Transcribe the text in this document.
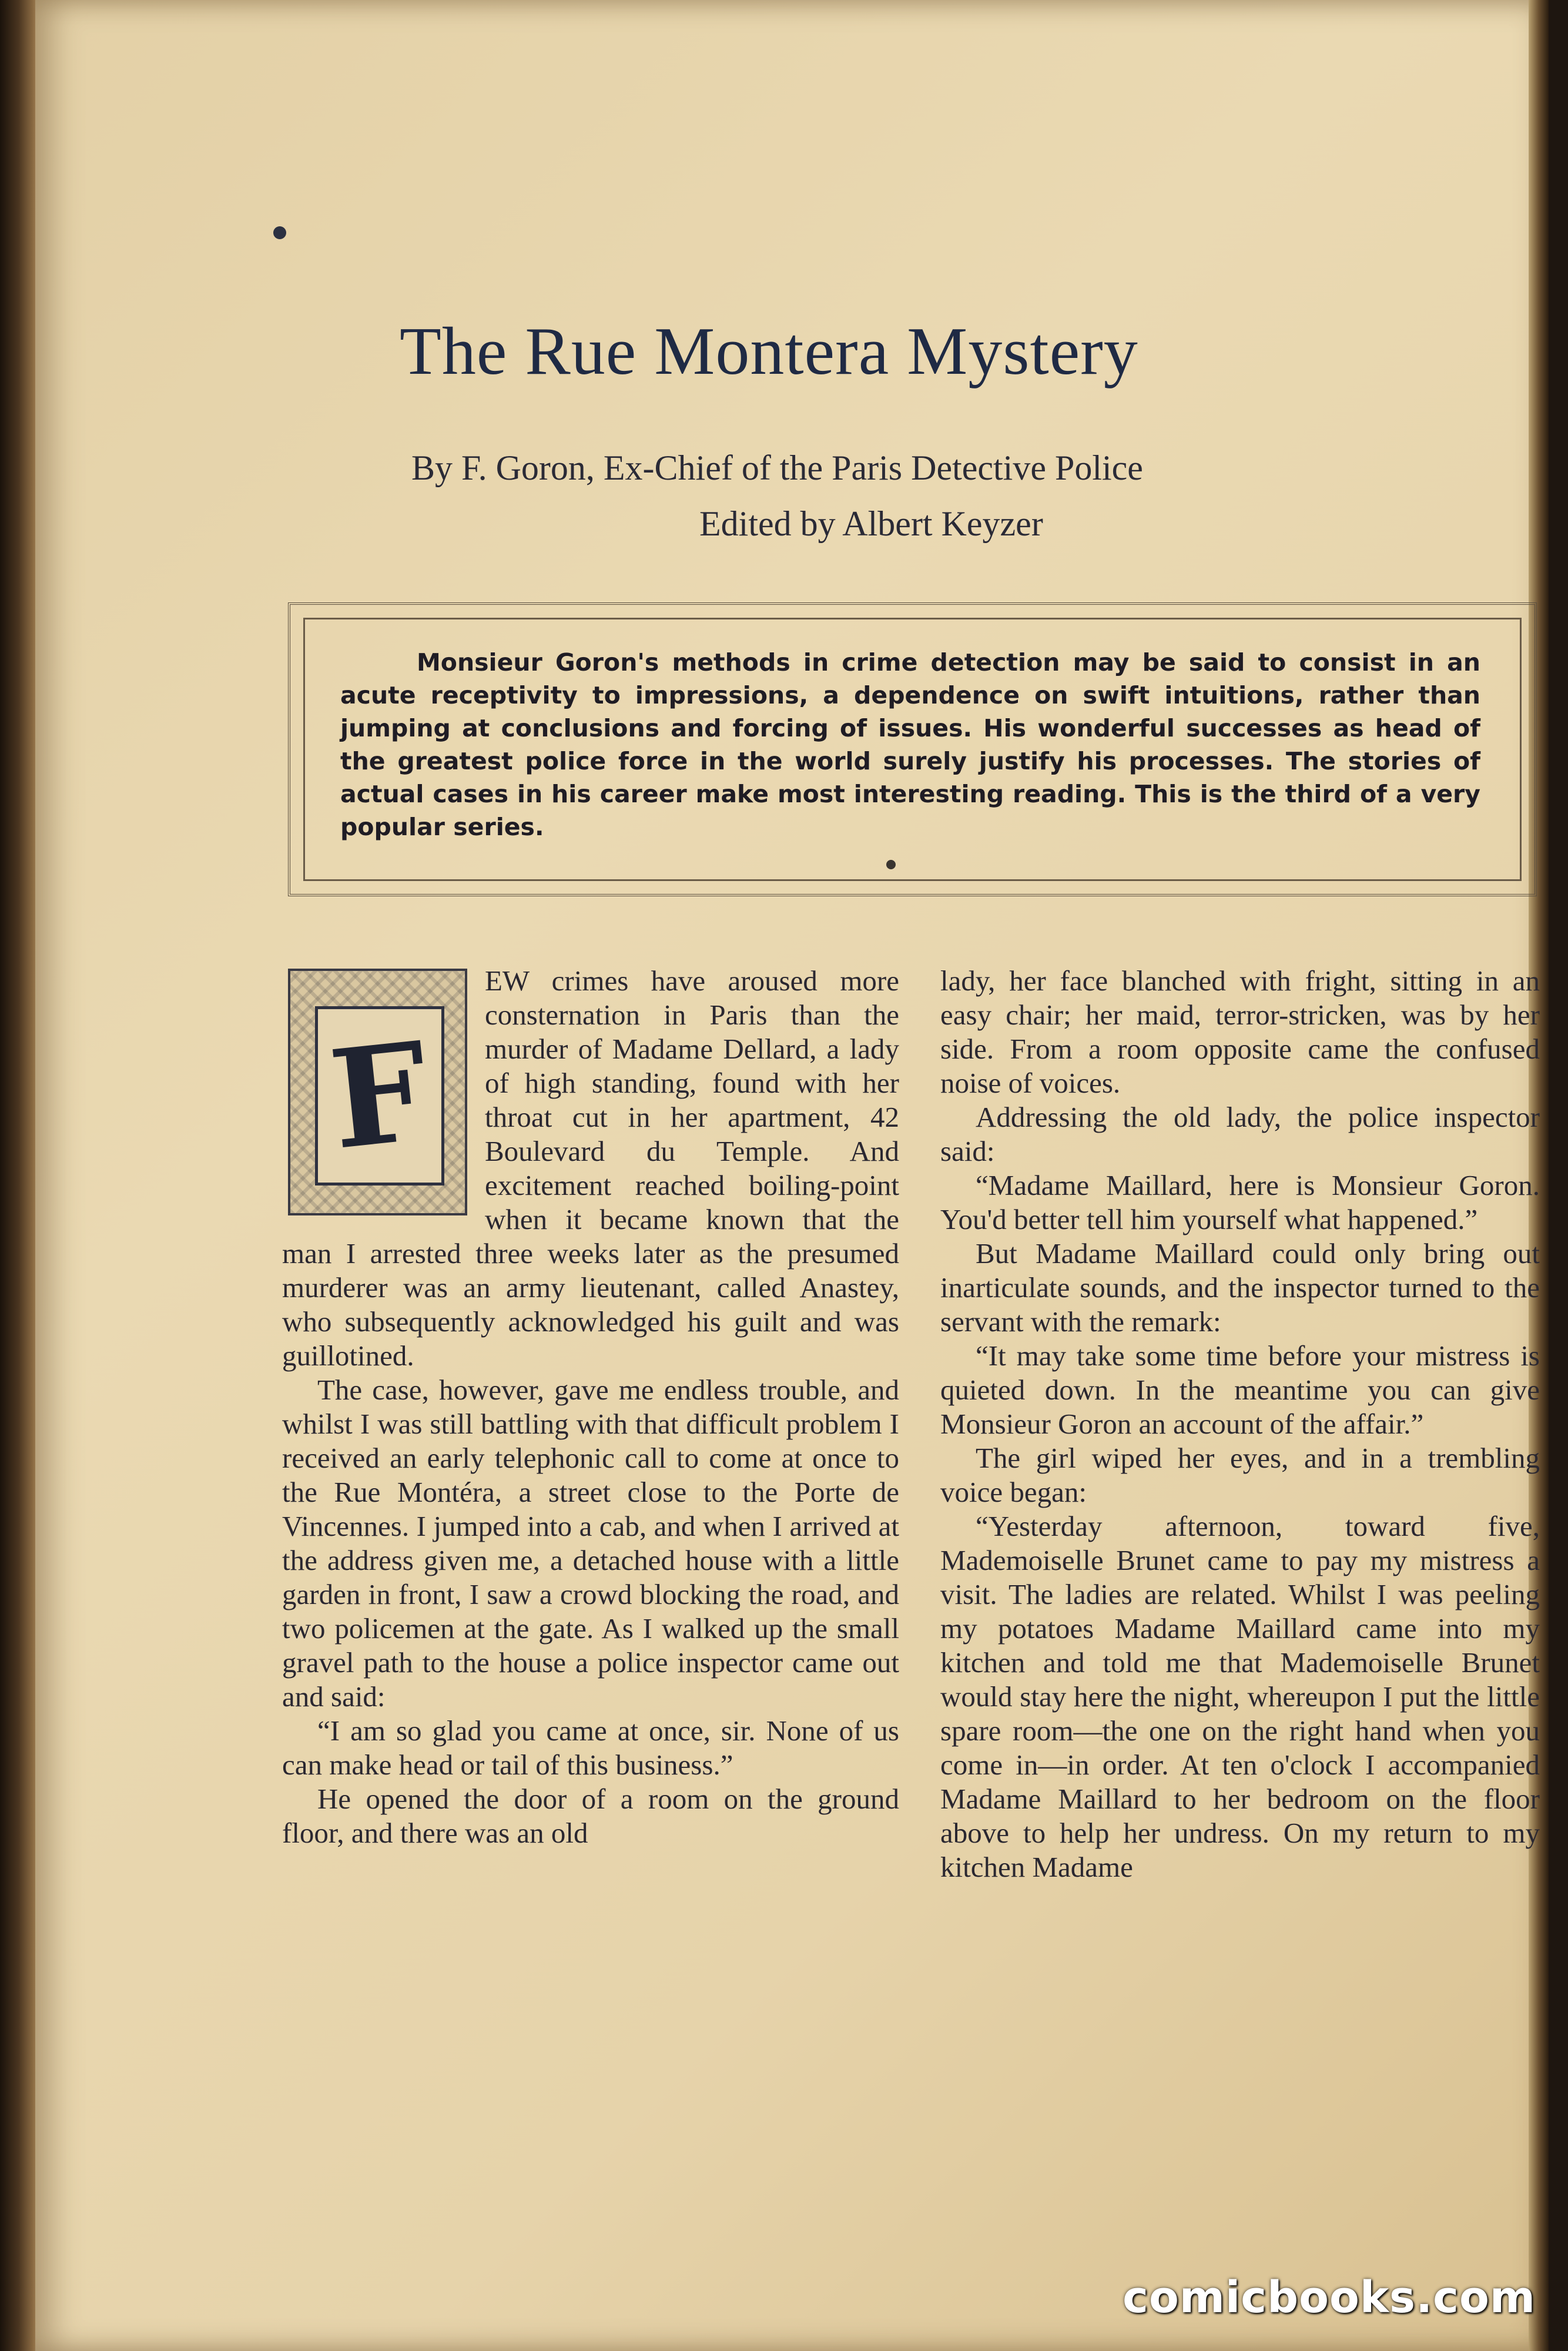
The Rue Montera Mystery

By F. Goron, Ex-Chief of the Paris Detective Police

Edited by Albert Keyzer

Monsieur Goron's methods in crime detection may be said to consist in an acute receptivity to impressions, a dependence on swift intuitions, rather than jumping at conclusions and forcing of issues. His wonderful successes as head of the greatest police force in the world surely justify his processes. The stories of actual cases in his career make most interesting reading. This is the third of a very popular series.

F

EW crimes have aroused more consternation in Paris than the murder of Madame Dellard, a lady of high standing, found with her throat cut in her apartment, 42 Boulevard du Temple. And excitement reached boiling-point when it became known that the man I arrested three weeks later as the presumed murderer was an army lieutenant, called Anastey, who subsequently acknowledged his guilt and was guillotined.

The case, however, gave me endless trouble, and whilst I was still battling with that difficult problem I received an early telephonic call to come at once to the Rue Montéra, a street close to the Porte de Vincennes. I jumped into a cab, and when I arrived at the address given me, a detached house with a little garden in front, I saw a crowd blocking the road, and two policemen at the gate. As I walked up the small gravel path to the house a police inspector came out and said:

“I am so glad you came at once, sir. None of us can make head or tail of this business.”

He opened the door of a room on the ground floor, and there was an old

lady, her face blanched with fright, sitting in an easy chair; her maid, terror-stricken, was by her side. From a room opposite came the confused noise of voices.

Addressing the old lady, the police inspector said:

“Madame Maillard, here is Monsieur Goron. You'd better tell him yourself what happened.”

But Madame Maillard could only bring out inarticulate sounds, and the inspector turned to the servant with the remark:

“It may take some time before your mistress is quieted down. In the meantime you can give Monsieur Goron an account of the affair.”

The girl wiped her eyes, and in a trembling voice began:

“Yesterday afternoon, toward five, Mademoiselle Brunet came to pay my mistress a visit. The ladies are related. Whilst I was peeling my potatoes Madame Maillard came into my kitchen and told me that Mademoiselle Brunet would stay here the night, whereupon I put the little spare room—the one on the right hand when you come in—in order. At ten o'clock I accompanied Madame Maillard to her bedroom on the floor above to help her undress. On my return to my kitchen Madame

comicbooks.com
